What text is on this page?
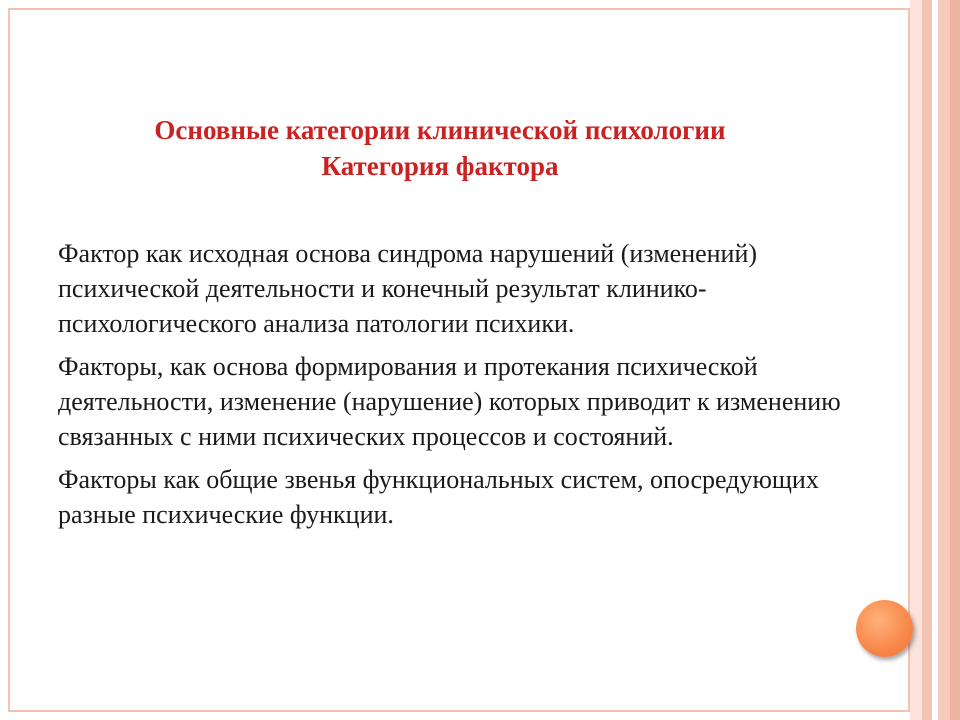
Основные категории клинической психологии Категория фактора

Фактор как исходная основа синдрома нарушений (изменений) психической деятельности и конечный результат клинико-психологического анализа патологии психики.

Факторы, как основа формирования и протекания психической деятельности, изменение (нарушение) которых приводит к изменению связанных с ними психических процессов и состояний.

Факторы как общие звенья функциональных систем, опосредующих разные психические функции.
